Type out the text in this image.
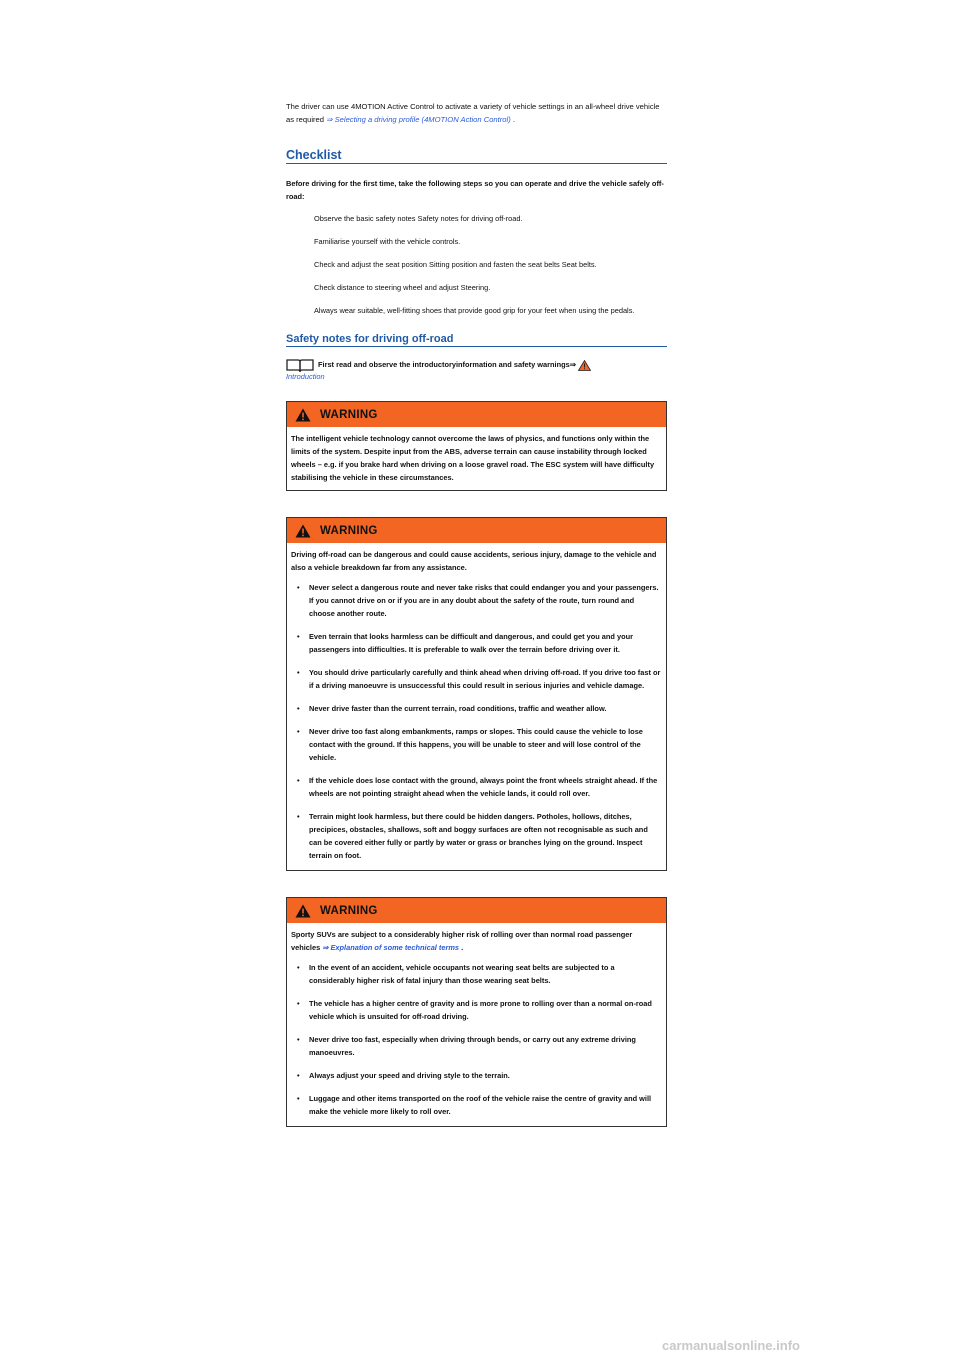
The driver can use 4MOTION Active Control to activate a variety of vehicle settings in an all-wheel drive vehicle as required ⇒ Selecting a driving profile (4MOTION Action Control) .

Checklist

Before driving for the first time, take the following steps so you can operate and drive the vehicle safely off-road:

Observe the basic safety notes Safety notes for driving off-road.
Familiarise yourself with the vehicle controls.
Check and adjust the seat position Sitting position and fasten the seat belts Seat belts.
Check distance to steering wheel and adjust Steering.
Always wear suitable, well-fitting shoes that provide good grip for your feet when using the pedals.
Safety notes for driving off-road
First read and observe the introductoryinformation and safety warnings⇒
Introduction
WARNING

The intelligent vehicle technology cannot overcome the laws of physics, and functions only within the limits of the system. Despite input from the ABS, adverse terrain can cause instability through locked wheels – e.g. if you brake hard when driving on a loose gravel road. The ESC system will have difficulty stabilising the vehicle in these circumstances.

WARNING

Driving off-road can be dangerous and could cause accidents, serious injury, damage to the vehicle and also a vehicle breakdown far from any assistance.

• Never select a dangerous route and never take risks that could endanger you and your passengers. If you cannot drive on or if you are in any doubt about the safety of the route, turn round and choose another route.
• Even terrain that looks harmless can be difficult and dangerous, and could get you and your passengers into difficulties. It is preferable to walk over the terrain before driving over it.
• You should drive particularly carefully and think ahead when driving off-road. If you drive too fast or if a driving manoeuvre is unsuccessful this could result in serious injuries and vehicle damage.
• Never drive faster than the current terrain, road conditions, traffic and weather allow.
• Never drive too fast along embankments, ramps or slopes. This could cause the vehicle to lose contact with the ground. If this happens, you will be unable to steer and will lose control of the vehicle.
• If the vehicle does lose contact with the ground, always point the front wheels straight ahead. If the wheels are not pointing straight ahead when the vehicle lands, it could roll over.
• Terrain might look harmless, but there could be hidden dangers. Potholes, hollows, ditches, precipices, obstacles, shallows, soft and boggy surfaces are often not recognisable as such and can be covered either fully or partly by water or grass or branches lying on the ground. Inspect terrain on foot.
WARNING

Sporty SUVs are subject to a considerably higher risk of rolling over than normal road passenger vehicles ⇒ Explanation of some technical terms .

• In the event of an accident, vehicle occupants not wearing seat belts are subjected to a considerably higher risk of fatal injury than those wearing seat belts.
• The vehicle has a higher centre of gravity and is more prone to rolling over than a normal on-road vehicle which is unsuited for off-road driving.
• Never drive too fast, especially when driving through bends, or carry out any extreme driving manoeuvres.
• Always adjust your speed and driving style to the terrain.
• Luggage and other items transported on the roof of the vehicle raise the centre of gravity and will make the vehicle more likely to roll over.
carmanualsonline.info
